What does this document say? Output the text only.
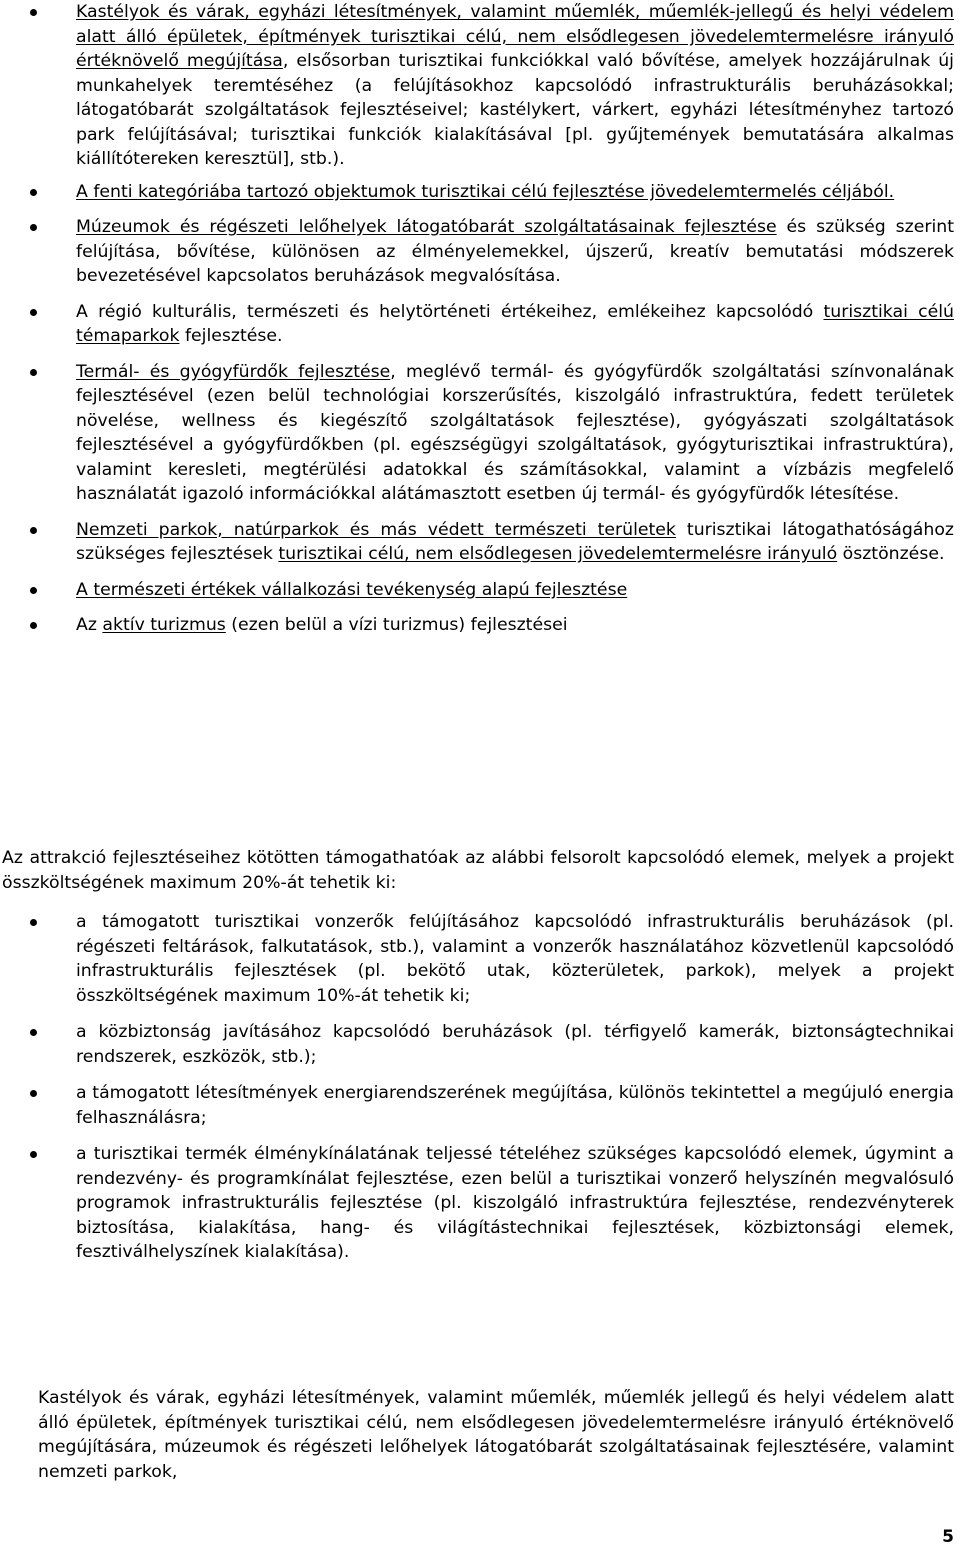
Kastélyok és várak, egyházi létesítmények, valamint műemlék, műemlék-jellegű és helyi védelem alatt álló épületek, építmények turisztikai célú, nem elsődlegesen jövedelemtermelésre irányuló értéknövelő megújítása, elsősorban turisztikai funkciókkal való bővítése, amelyek hozzájárulnak új munkahelyek teremtéséhez (a felújításokhoz kapcsolódó infrastrukturális beruházásokkal; látogatóbarát szolgáltatások fejlesztéseivel; kastélykert, várkert, egyházi létesítményhez tartozó park felújításával; turisztikai funkciók kialakításával [pl. gyűjtemények bemutatására alkalmas kiállítótereken keresztül], stb.).
A fenti kategóriába tartozó objektumok turisztikai célú fejlesztése jövedelemtermelés céljából.
Múzeumok és régészeti lelőhelyek látogatóbarát szolgáltatásainak fejlesztése és szükség szerint felújítása, bővítése, különösen az élményelemekkel, újszerű, kreatív bemutatási módszerek bevezetésével kapcsolatos beruházások megvalósítása.
A régió kulturális, természeti és helytörténeti értékeihez, emlékeihez kapcsolódó turisztikai célú témaparkok fejlesztése.
Termál- és gyógyfürdők fejlesztése, meglévő termál- és gyógyfürdők szolgáltatási színvonalának fejlesztésével (ezen belül technológiai korszerűsítés, kiszolgáló infrastruktúra, fedett területek növelése, wellness és kiegészítő szolgáltatások fejlesztése), gyógyászati szolgáltatások fejlesztésével a gyógyfürdőkben (pl. egészségügyi szolgáltatások, gyógyturisztikai infrastruktúra), valamint keresleti, megtérülési adatokkal és számításokkal, valamint a vízbázis megfelelő használatát igazoló információkkal alátámasztott esetben új termál- és gyógyfürdők létesítése.
Nemzeti parkok, natúrparkok és más védett természeti területek turisztikai látogathatóságához szükséges fejlesztések turisztikai célú, nem elsődlegesen jövedelemtermelésre irányuló ösztönzése.
A természeti értékek vállalkozási tevékenység alapú fejlesztése
Az aktív turizmus (ezen belül a vízi turizmus) fejlesztései

Az attrakció fejlesztéseihez kötötten támogathatóak az alábbi felsorolt kapcsolódó elemek, melyek a projekt összköltségének maximum 20%-át tehetik ki:

a támogatott turisztikai vonzerők felújításához kapcsolódó infrastrukturális beruházások (pl. régészeti feltárások, falkutatások, stb.), valamint a vonzerők használatához közvetlenül kapcsolódó infrastrukturális fejlesztések (pl. bekötő utak, közterületek, parkok), melyek a projekt összköltségének maximum 10%-át tehetik ki;
a közbiztonság javításához kapcsolódó beruházások (pl. térfigyelő kamerák, biztonságtechnikai rendszerek, eszközök, stb.);
a támogatott létesítmények energiarendszerének megújítása, különös tekintettel a megújuló energia felhasználásra;
a turisztikai termék élménykínálatának teljessé tételéhez szükséges kapcsolódó elemek, úgymint a rendezvény- és programkínálat fejlesztése, ezen belül a turisztikai vonzerő helyszínén megvalósuló programok infrastrukturális fejlesztése (pl. kiszolgáló infrastruktúra fejlesztése, rendezvényterek biztosítása, kialakítása, hang- és világítástechnikai fejlesztések, közbiztonsági elemek, fesztiválhelyszínek kialakítása).

Kastélyok és várak, egyházi létesítmények, valamint műemlék, műemlék jellegű és helyi védelem alatt álló épületek, építmények turisztikai célú, nem elsődlegesen jövedelemtermelésre irányuló értéknövelő megújítására, múzeumok és régészeti lelőhelyek látogatóbarát szolgáltatásainak fejlesztésére, valamint nemzeti parkok,

5
